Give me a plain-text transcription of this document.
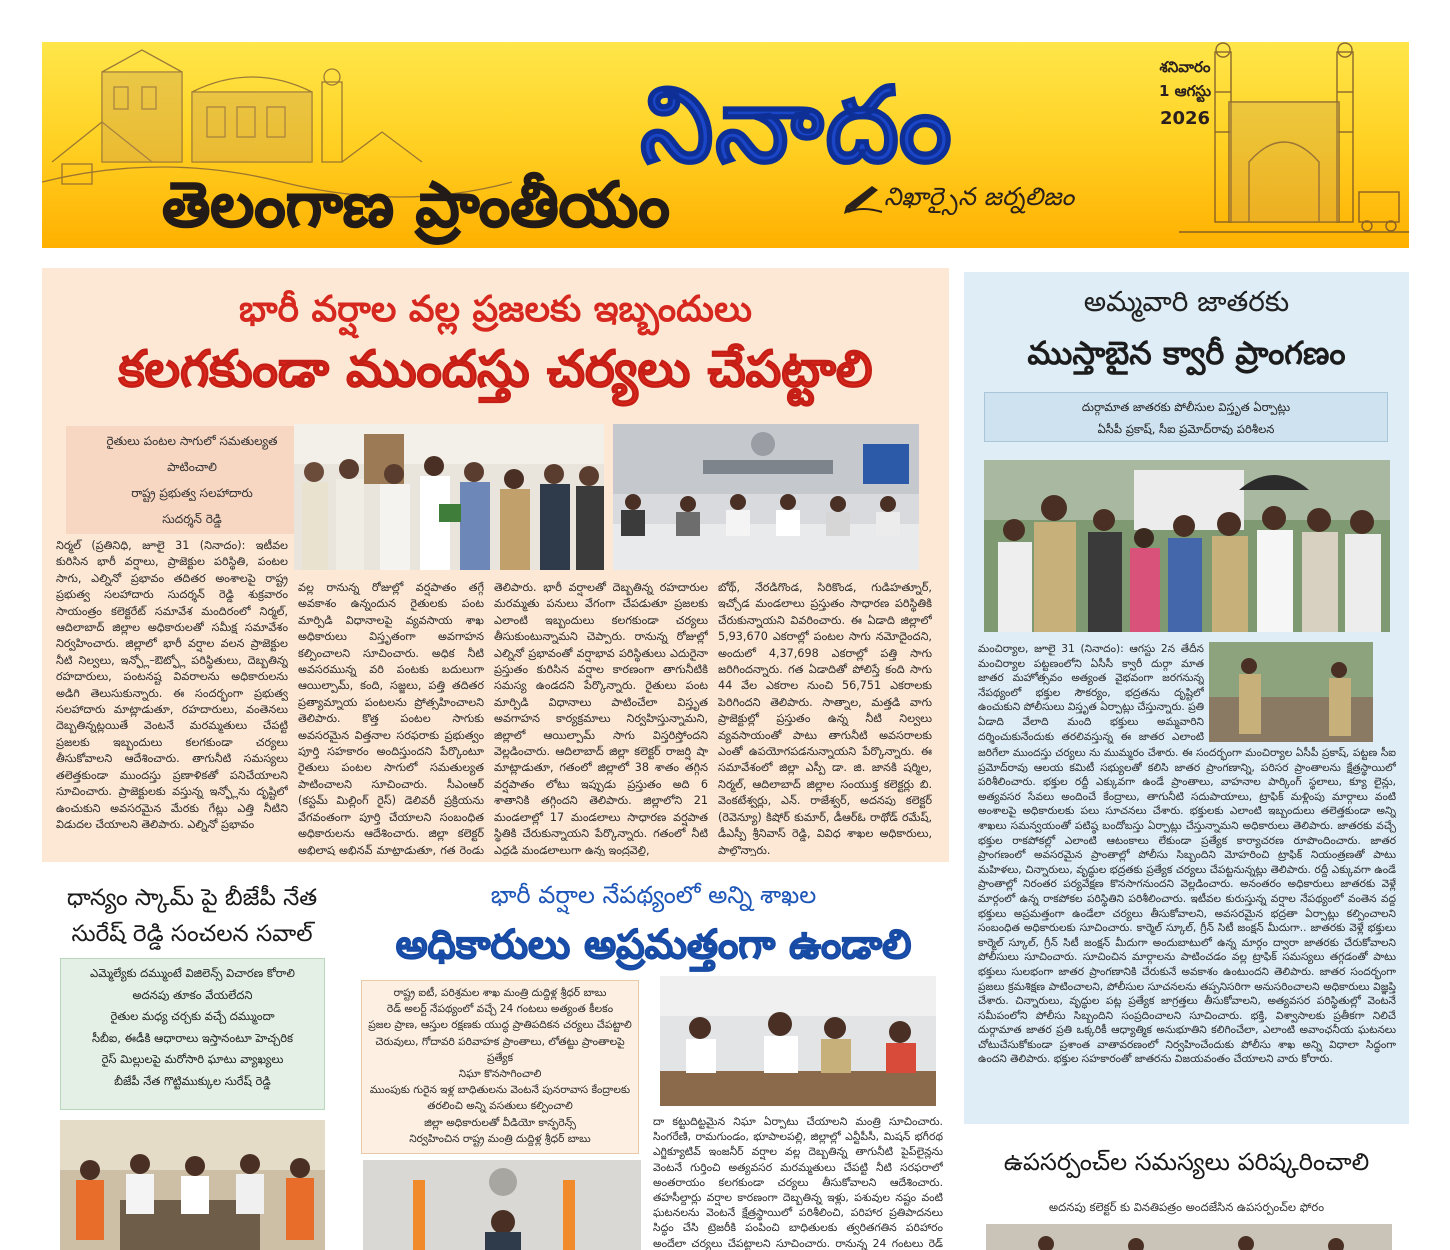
నినాదం
తెలంగాణ ప్రాంతీయం	నిఖార్సైన జర్నలిజం
శనివారం
1 ఆగస్టు
2026
భారీ వర్షాల వల్ల ప్రజలకు ఇబ్బందులు
కలగకుండా ముందస్తు చర్యలు చేపట్టాలి
రైతులు పంటల సాగులో సమతుల్యత
పాటించాలి
రాష్ట్ర ప్రభుత్వ సలహాదారు
సుదర్శన్ రెడ్డి
నిర్మల్ (ప్రతినిధి, జూలై 31 (నినాదం): ఇటీవల కురిసిన భారీ వర్షాలు, ప్రాజెక్టుల పరిస్థితి, పంటల సాగు, ఎల్నినో ప్రభావం తదితర అంశాలపై రాష్ట్ర ప్రభుత్వ సలహాదారు సుదర్శన్ రెడ్డి శుక్రవారం సాయంత్రం కలెక్టరేట్ సమావేశ మందిరంలో నిర్మల్, ఆదిలాబాద్ జిల్లాల అధికారులతో సమీక్ష సమావేశం నిర్వహించారు. జిల్లాలో భారీ వర్షాల వలన ప్రాజెక్టుల నీటి నిల్వలు, ఇన్ఫ్లో–ఔట్ఫ్లో పరిస్థితులు, దెబ్బతిన్న రహదారులు, పంటనష్ట వివరాలను అధికారులను అడిగి తెలుసుకున్నారు. ఈ సందర్భంగా ప్రభుత్వ సలహాదారు మాట్లాడుతూ, రహదారులు, వంతెనలు దెబ్బతిన్నట్లయితే వెంటనే మరమ్మతులు చేపట్టి ప్రజలకు ఇబ్బందులు కలగకుండా చర్యలు తీసుకోవాలని ఆదేశించారు. తాగునీటి సమస్యలు తలెత్తకుండా ముందస్తు ప్రణాళికతో పనిచేయాలని సూచించారు. ప్రాజెక్టులకు వస్తున్న ఇన్ఫ్లోను దృష్టిలో ఉంచుకుని అవసరమైన మేరకు గేట్లు ఎత్తి నీటిని విడుదల చేయాలని తెలిపారు. ఎల్నినో ప్రభావం
వల్ల రానున్న రోజుల్లో వర్షపాతం తగ్గే అవకాశం ఉన్నందున రైతులకు పంట మార్పిడి విధానాలపై వ్యవసాయ శాఖ అధికారులు విస్తృతంగా అవగాహన కల్పించాలని సూచించారు. అధిక నీటి అవసరమున్న వరి పంటకు బదులుగా ఆయిల్పామ్, కంది, సజ్జలు, పత్తి తదితర ప్రత్యామ్నాయ పంటలను ప్రోత్సహించాలని తెలిపారు. కొత్త పంటల సాగుకు అవసరమైన విత్తనాల సరఫరాకు ప్రభుత్వం పూర్తి సహకారం అందిస్తుందని పేర్కొంటూ రైతులు పంటల సాగులో సమతుల్యత పాటించాలని సూచించారు. సీఎంఆర్ (కస్టమ్ మిల్లింగ్ రైస్) డెలివరీ ప్రక్రియను వేగవంతంగా పూర్తి చేయాలని సంబంధిత అధికారులను ఆదేశించారు. జిల్లా కలెక్టర్ అభిలాష అభినవ్ మాట్లాడుతూ, గత రెండు
తెలిపారు. భారీ వర్షాలతో దెబ్బతిన్న రహదారుల మరమ్మతు పనులు వేగంగా చేపడుతూ ప్రజలకు ఎలాంటి ఇబ్బందులు కలగకుండా చర్యలు తీసుకుంటున్నామని చెప్పారు. రానున్న రోజుల్లో ఎల్నినో ప్రభావంతో వర్షాభావ పరిస్థితులు ఎదురైనా ప్రస్తుతం కురిసిన వర్షాల కారణంగా తాగునీటికి సమస్య ఉండదని పేర్కొన్నారు. రైతులు పంట మార్పిడి విధానాలు పాటించేలా విస్తృత అవగాహన కార్యక్రమాలు నిర్వహిస్తున్నామని, జిల్లాలో ఆయిల్పామ్ సాగు విస్తరిస్తోందని వెల్లడించారు. ఆదిలాబాద్ జిల్లా కలెక్టర్ రాజర్షి షా మాట్లాడుతూ, గతంలో జిల్లాలో 38 శాతం తగ్గిన వర్షపాతం లోటు ఇప్పుడు ప్రస్తుతం అది 6 శాతానికి తగ్గిందని తెలిపారు. జిల్లాలోని 21 మండలాల్లో 17 మండలాలు సాధారణ వర్షపాత స్థితికి చేరుకున్నాయని పేర్కొన్నారు. గతంలో నీటి ఎద్దడి మండలాలుగా ఉన్న ఇంద్రవెల్లి,
బోథ్, నేరడిగొండ, సిరికొండ, గుడిహత్నూర్, ఇచ్చోడ మండలాలు ప్రస్తుతం సాధారణ పరిస్థితికి చేరుకున్నాయని వివరించారు. ఈ ఏడాది జిల్లాలో 5,93,670 ఎకరాల్లో పంటల సాగు నమోదైందని, అందులో 4,37,698 ఎకరాల్లో పత్తి సాగు జరిగిందన్నారు. గత ఏడాదితో పోలిస్తే కంది సాగు 44 వేల ఎకరాల నుంచి 56,751 ఎకరాలకు పెరిగిందని తెలిపారు. సాత్నాల, మత్తడి వాగు ప్రాజెక్టుల్లో ప్రస్తుతం ఉన్న నీటి నిల్వలు వ్యవసాయంతో పాటు తాగునీటి అవసరాలకు ఎంతో ఉపయోగపడనున్నాయని పేర్కొన్నారు. ఈ సమావేశంలో జిల్లా ఎస్పీ డా. జి. జానకి షర్మిల, నిర్మల్, ఆదిలాబాద్ జిల్లాల సంయుక్త కలెక్టర్లు బి. వెంకటేశ్వర్లు, ఎన్. రాజేశ్వర్, అదనపు కలెక్టర్ (రెవెన్యూ) కిషోర్ కుమార్, డీఆర్ఓ రాథోడ్ రమేష్, డీఎస్పీ శ్రీనివాస్ రెడ్డి, వివిధ శాఖల అధికారులు, పాల్గొన్నారు.
అమ్మవారి జాతరకు
ముస్తాబైన క్వారీ ప్రాంగణం
దుర్గామాత జాతరకు పోలీసుల విస్తృత ఏర్పాట్లు
ఏసీపీ ప్రకాష్, సీఐ ప్రమోద్‌రావు పరిశీలన
మంచిర్యాల, జూలై 31 (నినాదం): ఆగస్టు 2న తేదీన మంచిర్యాల పట్టణంలోని ఏసీసీ క్వారీ దుర్గా మాత జాతర మహోత్సవం అత్యంత వైభవంగా జరగనున్న నేపథ్యంలో భక్తుల సౌకర్యం, భద్రతను దృష్టిలో ఉంచుకుని పోలీసులు విస్తృత ఏర్పాట్లు చేస్తున్నారు. ప్రతి ఏడాది వేలాది మంది భక్తులు అమ్మవారిని దర్శించుకునేందుకు తరలివస్తున్న ఈ జాతర ఎలాంటి
జరిగేలా ముందస్తు చర్యలు ను ముమ్మరం చేశారు. ఈ సందర్భంగా మంచిర్యాల ఏసీపీ ప్రకాష్, పట్టణ సీఐ ప్రమోద్‌రావు ఆలయ కమిటీ సభ్యులతో కలిసి జాతర ప్రాంగణాన్ని, పరిసర ప్రాంతాలను క్షేత్రస్థాయిలో పరిశీలించారు. భక్తుల రద్దీ ఎక్కువగా ఉండే ప్రాంతాలు, వాహనాల పార్కింగ్ స్థలాలు, క్యూ లైన్లు, అత్యవసర సేవలు అందించే కేంద్రాలు, తాగునీటి సదుపాయాలు, ట్రాఫిక్ మళ్లింపు మార్గాలు వంటి అంశాలపై అధికారులకు పలు సూచనలు చేశారు. భక్తులకు ఎలాంటి ఇబ్బందులు తలెత్తకుండా అన్ని శాఖలు సమన్వయంతో పటిష్ఠ బందోబస్తు ఏర్పాట్లు చేస్తున్నామని అధికారులు తెలిపారు. జాతరకు వచ్చే భక్తుల రాకపోకల్లో ఎలాంటి ఆటంకాలు లేకుండా ప్రత్యేక కార్యాచరణ రూపొందించారు. జాతర ప్రాంగణంలో అవసరమైన ప్రాంతాల్లో పోలీసు సిబ్బందిని మోహరించి ట్రాఫిక్ నియంత్రణతో పాటు మహిళలు, చిన్నారులు, వృద్ధుల భద్రతకు ప్రత్యేక చర్యలు చేపట్టనున్నట్లు తెలిపారు. రద్దీ ఎక్కువగా ఉండే ప్రాంతాల్లో నిరంతర పర్యవేక్షణ కొనసాగనుందని వెల్లడించారు. అనంతరం అధికారులు జాతరకు వెళ్లే మార్గంలో ఉన్న రాకపోకల పరిస్థితిని పరిశీలించారు. ఇటీవల కురుస్తున్న వర్షాల నేపథ్యంలో వంతెన వద్ద భక్తులు అప్రమత్తంగా ఉండేలా చర్యలు తీసుకోవాలని, అవసరమైన భద్రతా ఏర్పాట్లు కల్పించాలని సంబంధిత అధికారులకు సూచించారు. కార్మెల్ స్కూల్, గ్రీన్ సిటీ జంక్షన్ మీదుగా.. జాతరకు వెళ్లే భక్తులు కార్మెల్ స్కూల్, గ్రీన్ సిటీ జంక్షన్ మీదుగా అందుబాటులో ఉన్న మార్గం ద్వారా జాతరకు చేరుకోవాలని పోలీసులు సూచించారు. సూచించిన మార్గాలను పాటించడం వల్ల ట్రాఫిక్ సమస్యలు తగ్గడంతో పాటు భక్తులు సులభంగా జాతర ప్రాంగణానికి చేరుకునే అవకాశం ఉంటుందని తెలిపారు. జాతర సందర్భంగా ప్రజలు క్రమశిక్షణ పాటించాలని, పోలీసుల సూచనలను తప్పనిసరిగా అనుసరించాలని అధికారులు విజ్ఞప్తి చేశారు. చిన్నారులు, వృద్ధుల పట్ల ప్రత్యేక జాగ్రత్తలు తీసుకోవాలని, అత్యవసర పరిస్థితుల్లో వెంటనే సమీపంలోని పోలీసు సిబ్బందిని సంప్రదించాలని సూచించారు. భక్తి, విశ్వాసాలకు ప్రతీకగా నిలిచే దుర్గామాత జాతర ప్రతి ఒక్కరికీ ఆధ్యాత్మిక అనుభూతిని కలిగించేలా, ఎలాంటి అవాంఛనీయ ఘటనలు చోటుచేసుకోకుండా ప్రశాంత వాతావరణంలో నిర్వహించేందుకు పోలీసు శాఖ అన్ని విధాలా సిద్ధంగా ఉందని తెలిపారు. భక్తుల సహకారంతో జాతరను విజయవంతం చేయాలని వారు కోరారు.
ధాన్యం స్కామ్ పై బీజేపీ నేత
సురేష్ రెడ్డి సంచలన సవాల్
ఎమ్మెల్యేకు దమ్ముంటే విజిలెన్స్ విచారణ కోరాలి
అదనపు తూకం వేయలేదని
రైతుల మధ్య చర్చకు వచ్చే దమ్ముందా
సీబీఐ, ఈడీకి ఆధారాలు ఇస్తానంటూ హెచ్చరిక
రైస్ మిల్లులపై మరోసారి ఘాటు వ్యాఖ్యలు
బీజేపీ నేత గొట్టిముక్కుల సురేష్ రెడ్డి
భారీ వర్షాల నేపథ్యంలో అన్ని శాఖల
అధికారులు అప్రమత్తంగా ఉండాలి
రాష్ట్ర ఐటీ, పరిశ్రమల శాఖ మంత్రి దుద్దిళ్ల శ్రీధర్ బాబు
రెడ్ అలర్ట్ నేపథ్యంలో వచ్చే 24 గంటలు అత్యంత కీలకం
ప్రజల ప్రాణ, ఆస్తుల రక్షణకు యుద్ధ ప్రాతిపదికన చర్యలు చేపట్టాలి
చెరువులు, గోదావరి పరివాహక ప్రాంతాలు, లోతట్టు ప్రాంతాలపై ప్రత్యేక
నిఘా కొనసాగించాలి
ముంపుకు గురైన ఇళ్ల బాధితులను వెంటనే పునరావాస కేంద్రాలకు
తరలించి అన్ని వసతులు కల్పించాలి
జిల్లా అధికారులతో వీడియో కాన్ఫరెన్స్
నిర్వహించిన రాష్ట్ర మంత్రి దుద్దిళ్ల శ్రీధర్ బాబు
దా కట్టుదిట్టమైన నిఘా ఏర్పాటు చేయాలని మంత్రి సూచించారు. సింగరేణి, రామగుండం, భూపాలపల్లి, జిల్లాల్లో ఎన్టీపీసీ, మిషన్ భగీరథ ఎగ్జిక్యూటివ్ ఇంజనీర్ వర్షాల వల్ల దెబ్బతిన్న తాగునీటి పైప్‌లైన్లను వెంటనే గుర్తించి అత్యవసర మరమ్మతులు చేపట్టి నీటి సరఫరాలో అంతరాయం కలగకుండా చర్యలు తీసుకోవాలని ఆదేశించారు. తహసీల్దార్లు వర్షాల కారణంగా దెబ్బతిన్న ఇళ్లు, పశువుల నష్టం వంటి ఘటనలను వెంటనే క్షేత్రస్థాయిలో పరిశీలించి, పరిహార ప్రతిపాదనలు సిద్ధం చేసి ట్రెజరీకి పంపించి బాధితులకు త్వరితగతిన పరిహారం అందేలా చర్యలు చేపట్టాలని సూచించారు. రానున్న 24 గంటలు రెడ్
ఉపసర్పంచ్‌ల సమస్యలు పరిష్కరించాలి
అదనపు కలెక్టర్ కు వినతిపత్రం అందజేసిన ఉపసర్పంచ్‌ల ఫోరం
